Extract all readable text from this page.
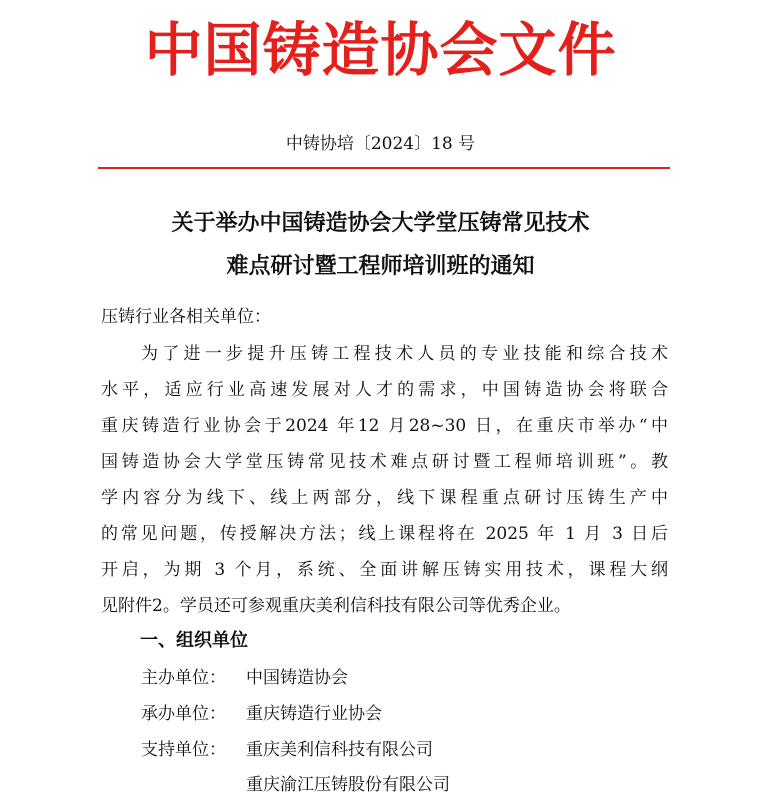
中国铸造协会文件
中铸协培〔2024〕18 号
关于举办中国铸造协会大学堂压铸常见技术
难点研讨暨工程师培训班的通知
压铸行业各相关单位：
为了进一步提升压铸工程技术人员的专业技能和综合技术
水平，适应行业高速发展对人才的需求，中国铸造协会将联合
重庆铸造行业协会于2024 年12 月28~30 日，在重庆市举办“中
国铸造协会大学堂压铸常见技术难点研讨暨工程师培训班”。教
学内容分为线下、线上两部分，线下课程重点研讨压铸生产中
的常见问题，传授解决方法；线上课程将在 2025 年 1 月 3 日后
开启，为期 3 个月，系统、全面讲解压铸实用技术，课程大纲
见附件2。学员还可参观重庆美利信科技有限公司等优秀企业。
一、组织单位
主办单位： 中国铸造协会
承办单位： 重庆铸造行业协会
支持单位： 重庆美利信科技有限公司
重庆渝江压铸股份有限公司
